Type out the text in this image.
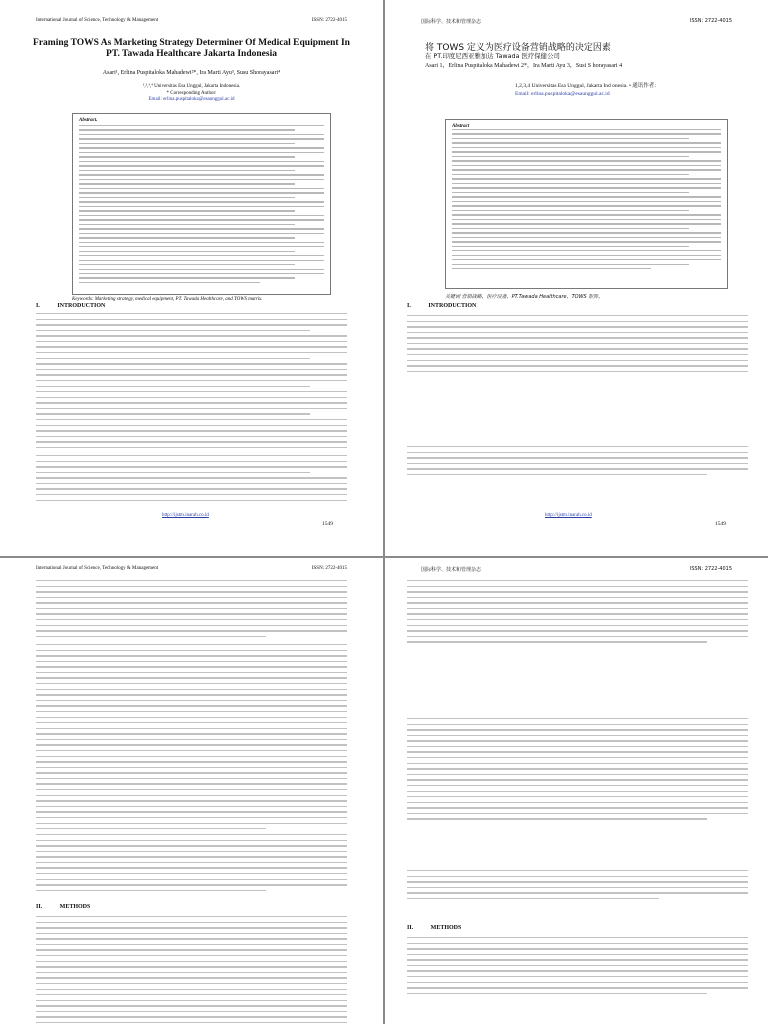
International Journal of Science, Technology & Management	ISSN: 2722-4015
Framing TOWS As Marketing Strategy Determiner Of Medical Equipment In PT. Tawada Healthcare Jakarta Indonesia
Asari¹, Erlina Puspitaloka Mahadewi²*, Ira Marti Ayu³, Susu Shorayasari⁴
¹,²,³,⁴ Universitas Esa Unggul, Jakarta Indonesia.
* Corresponding Author:
Email: erlina.puspitaloka@esaunggul.ac.id
Abstract.
Keywords: Marketing strategy, medical equipment, PT. Tawada Healthcare, and TOWS matrix.
I.	INTRODUCTION
http://ijstm.inarah.co.id
1549
国际科学、技术和管理杂志	ISSN: 2722-4015
将 TOWS 定义为医疗设备营销战略的决定因素
在 PT.印度尼西亚雅加达 Tawada 医疗保健公司
Asari 1，Erlina Puspitaloka Mahadewi 2*，Ira Marti Ayu 3，Susi S horayasari 4
1,2,3,4 Universitas Esa Unggul, Jakarta Ind onesia. • 通讯作者：
Email: erlina.puspitaloka@esaunggul.ac.id
Abstract
关键词 营销战略、医疗设备、PT.Tawada Healthcare、TOWS 矩阵。
I.	INTRODUCTION
http://ijstm.inarah.co.id
1549
International Journal of Science, Technology & Management	ISSN: 2722-4015
II.	METHODS
国际科学、技术和管理杂志	ISSN: 2722-4015
II.	METHODS
